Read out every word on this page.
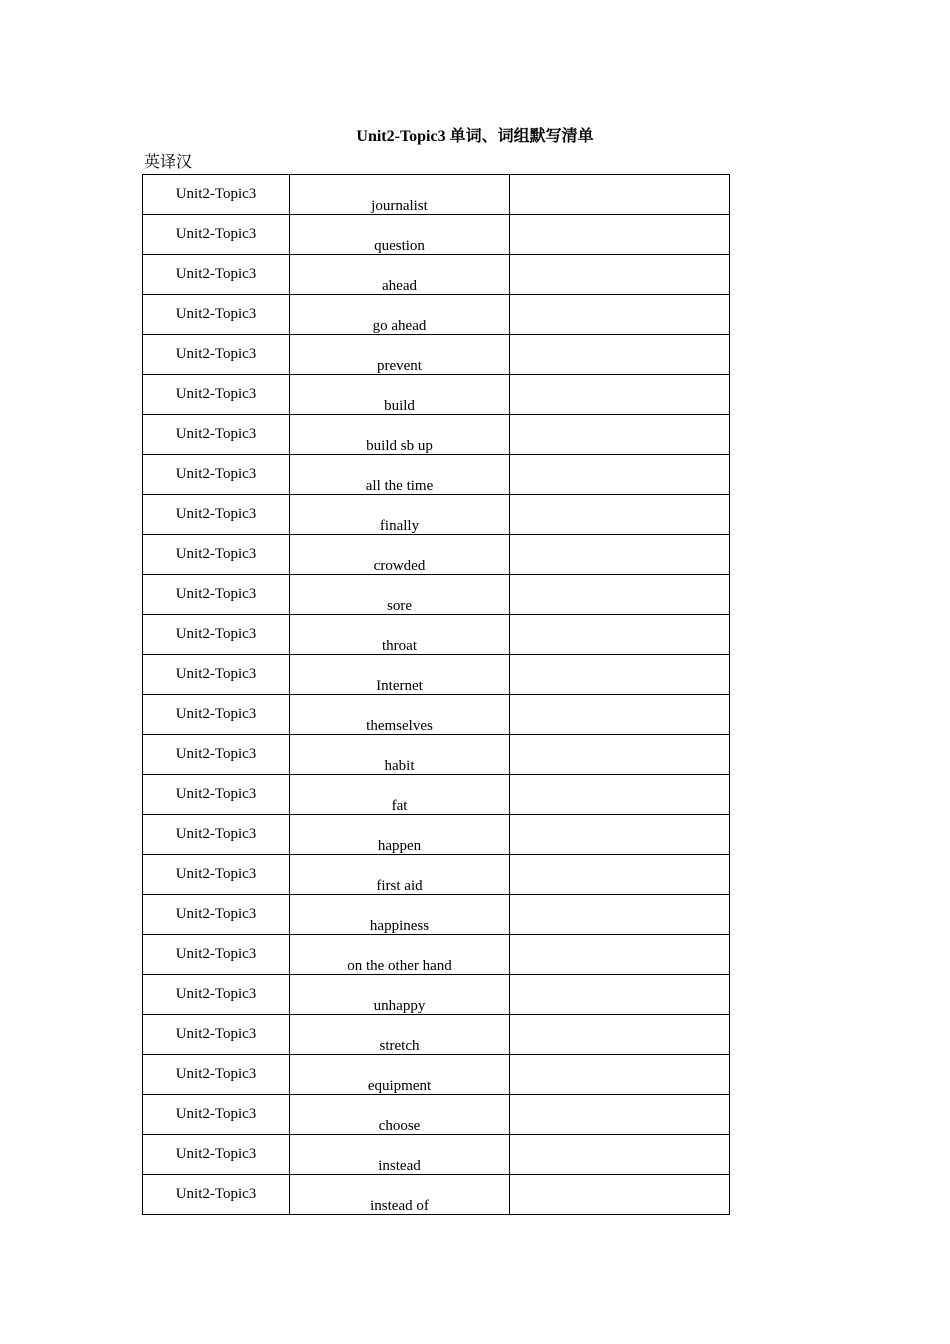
Unit2-Topic3 单词、词组默写清单
英译汉
Unit2-Topic3	journalist	

Unit2-Topic3	question	

Unit2-Topic3	ahead	

Unit2-Topic3	go ahead	

Unit2-Topic3	prevent	

Unit2-Topic3	build	

Unit2-Topic3	build sb up	

Unit2-Topic3	all the time	

Unit2-Topic3	finally	

Unit2-Topic3	crowded	

Unit2-Topic3	sore	

Unit2-Topic3	throat	

Unit2-Topic3	Internet	

Unit2-Topic3	themselves	

Unit2-Topic3	habit	

Unit2-Topic3	fat	

Unit2-Topic3	happen	

Unit2-Topic3	first aid	

Unit2-Topic3	happiness	

Unit2-Topic3	on the other hand	

Unit2-Topic3	unhappy	

Unit2-Topic3	stretch	

Unit2-Topic3	equipment	

Unit2-Topic3	choose	

Unit2-Topic3	instead	

Unit2-Topic3	instead of	
